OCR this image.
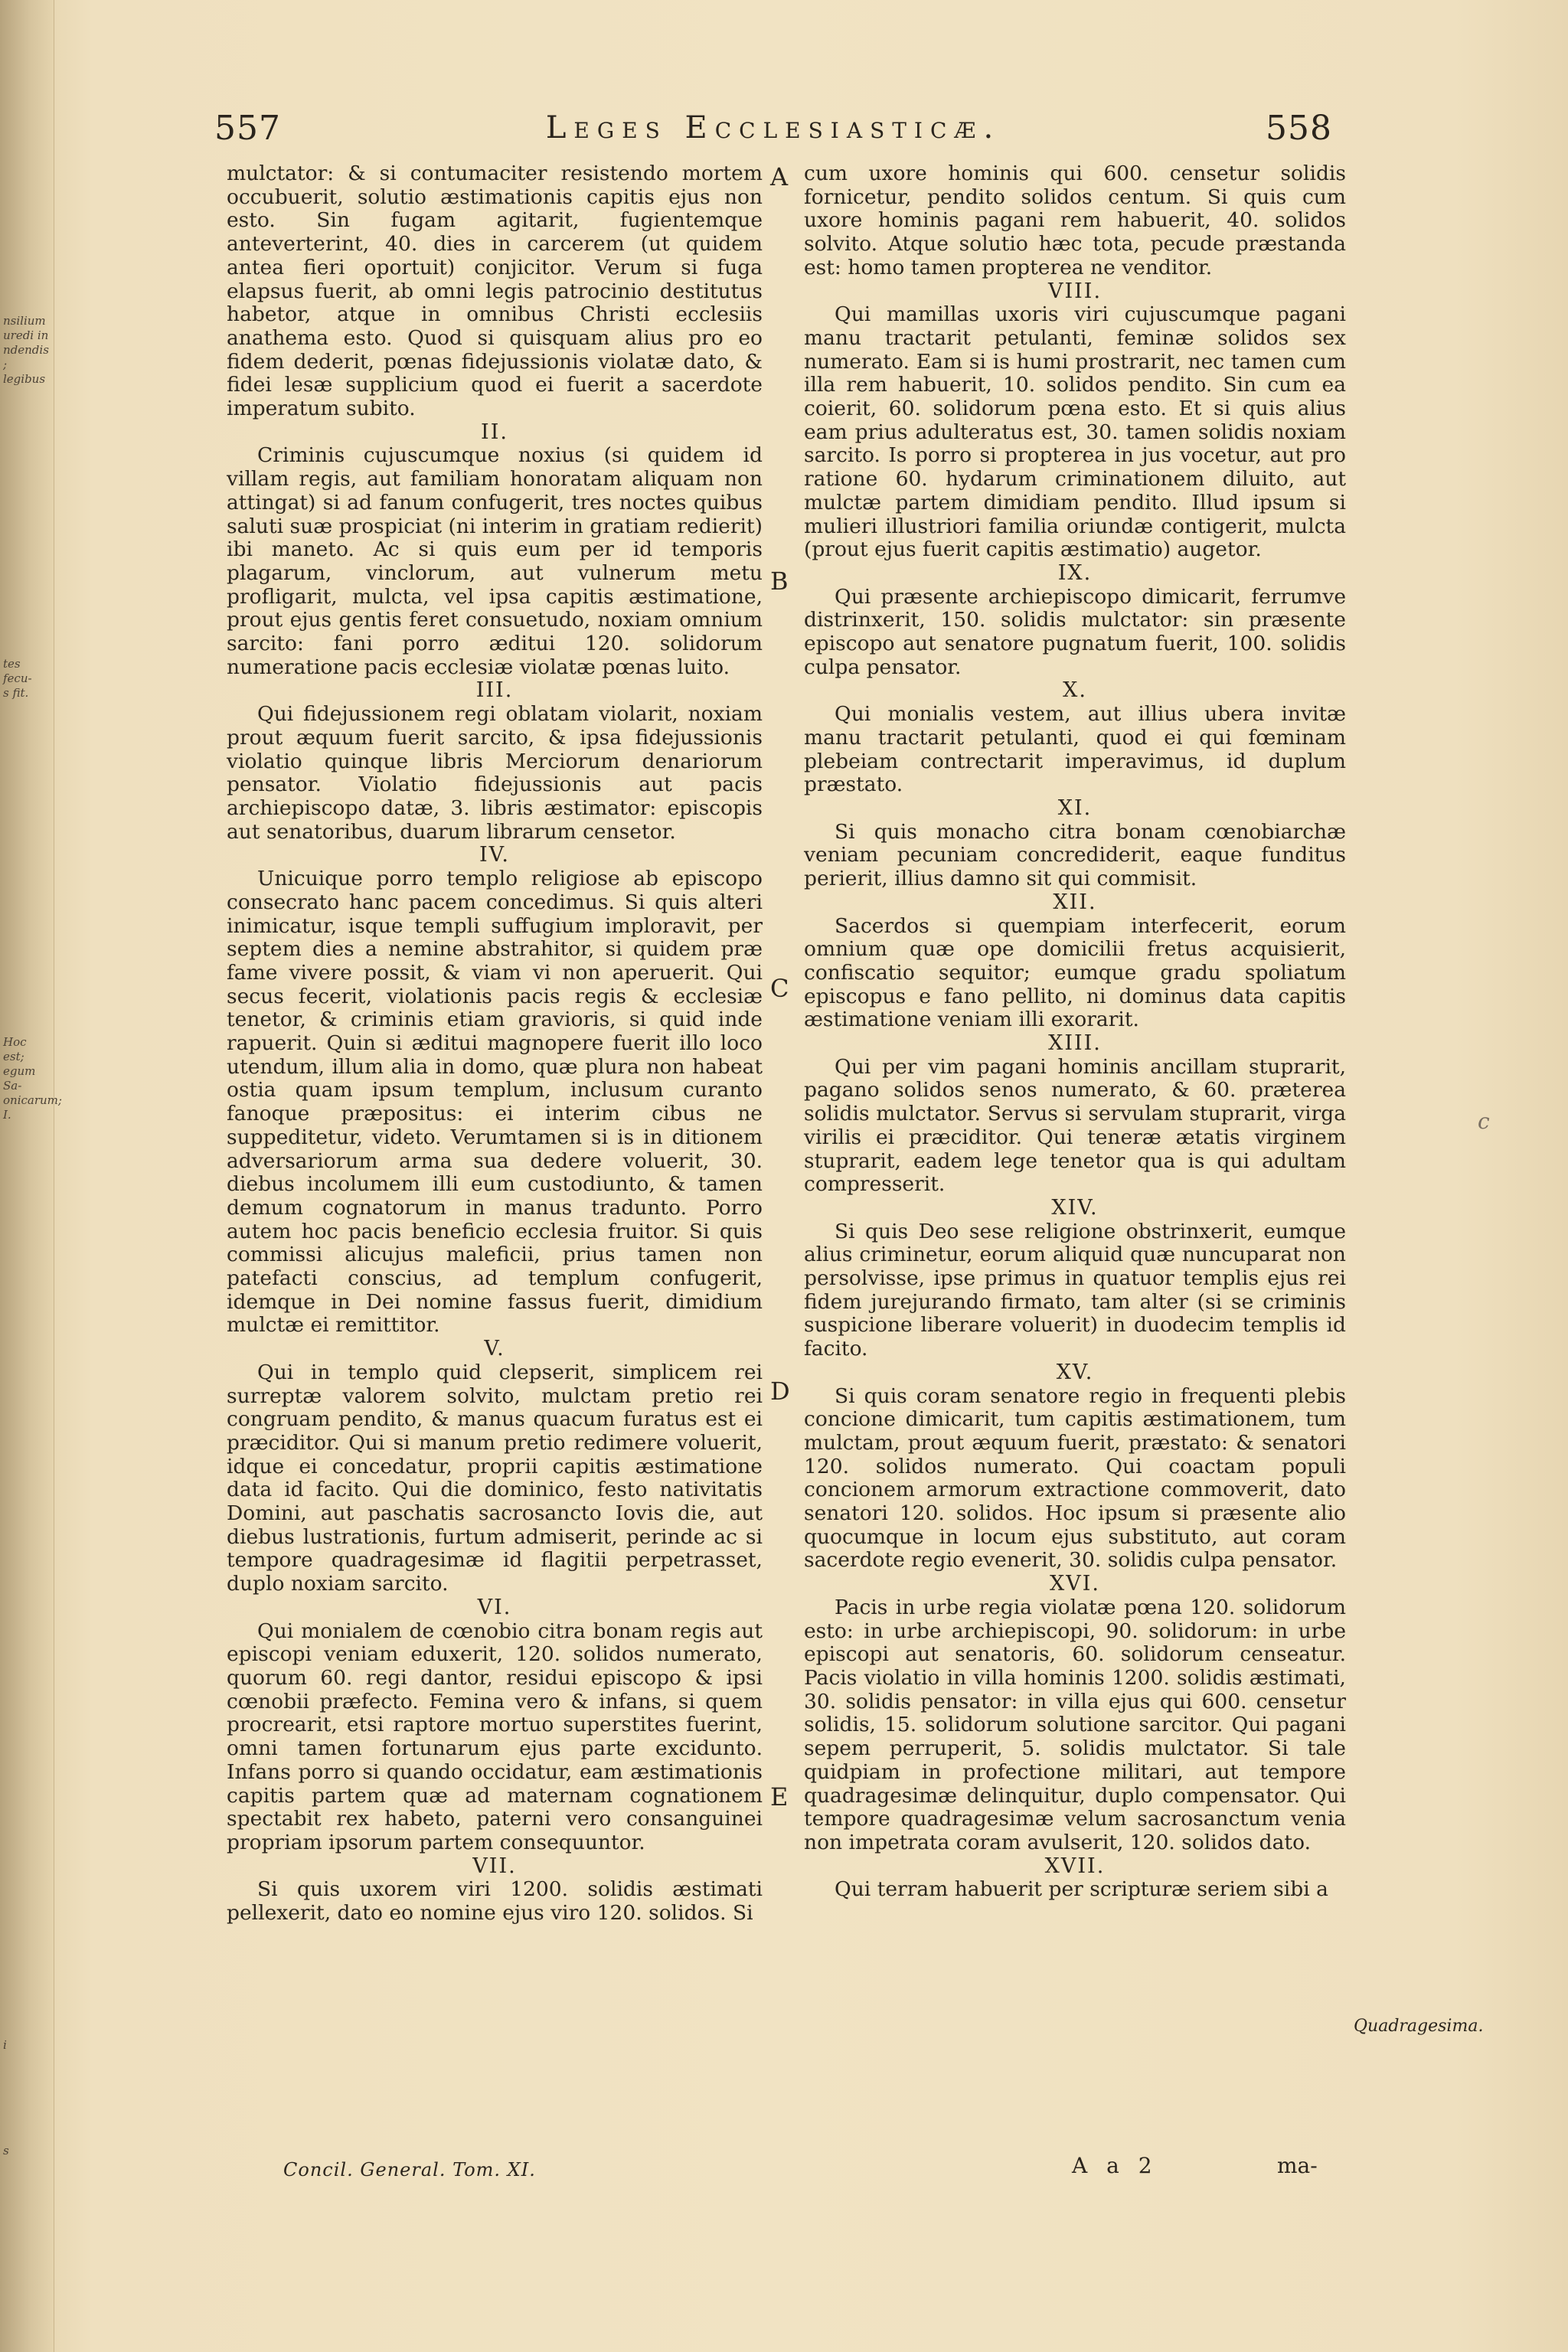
nsilium
uredi in
ndendis
; legibus
tes fecu-
s fit.
Hoc est;
egum Sa-
onicarum;
I.
i
s
557	Leges Ecclesiasticæ.	558
A
B
C
D
E

mulctator: & si contumaciter resistendo mortem occubuerit, solutio æstimationis capitis ejus non esto. Sin fugam agitarit, fugientemque anteverterint, 40. dies in carcerem (ut quidem antea fieri oportuit) conjicitor. Verum si fuga elapsus fuerit, ab omni legis patrocinio destitutus habetor, atque in omnibus Christi ecclesiis anathema esto. Quod si quisquam alius pro eo fidem dederit, pœnas fidejussionis violatæ dato, & fidei lesæ supplicium quod ei fuerit a sacerdote imperatum subito.

II.

Criminis cujuscumque noxius (si quidem id villam regis, aut familiam honoratam aliquam non attingat) si ad fanum confugerit, tres noctes quibus saluti suæ prospiciat (ni interim in gratiam redierit) ibi maneto. Ac si quis eum per id temporis plagarum, vinclorum, aut vulnerum metu profligarit, mulcta, vel ipsa capitis æstimatione, prout ejus gentis feret consuetudo, noxiam omnium sarcito: fani porro æditui 120. solidorum numeratione pacis ecclesiæ violatæ pœnas luito.

III.

Qui fidejussionem regi oblatam violarit, noxiam prout æquum fuerit sarcito, & ipsa fidejussionis violatio quinque libris Merciorum denariorum pensator. Violatio fidejussionis aut pacis archiepiscopo datæ, 3. libris æstimator: episcopis aut senatoribus, duarum librarum censetor.

IV.

Unicuique porro templo religiose ab episcopo consecrato hanc pacem concedimus. Si quis alteri inimicatur, isque templi suffugium imploravit, per septem dies a nemine abstrahitor, si quidem præ fame vivere possit, & viam vi non aperuerit. Qui secus fecerit, violationis pacis regis & ecclesiæ tenetor, & criminis etiam gravioris, si quid inde rapuerit. Quin si æditui magnopere fuerit illo loco utendum, illum alia in domo, quæ plura non habeat ostia quam ipsum templum, inclusum curanto fanoque præpositus: ei interim cibus ne suppeditetur, videto. Verumtamen si is in ditionem adversariorum arma sua dedere voluerit, 30. diebus incolumem illi eum custodiunto, & tamen demum cognatorum in manus tradunto. Porro autem hoc pacis beneficio ecclesia fruitor. Si quis commissi alicujus maleficii, prius tamen non patefacti conscius, ad templum confugerit, idemque in Dei nomine fassus fuerit, dimidium mulctæ ei remittitor.

V.

Qui in templo quid clepserit, simplicem rei surreptæ valorem solvito, mulctam pretio rei congruam pendito, & manus quacum furatus est ei præciditor. Qui si manum pretio redimere voluerit, idque ei concedatur, proprii capitis æstimatione data id facito. Qui die dominico, festo nativitatis Domini, aut paschatis sacrosancto Iovis die, aut diebus lustrationis, furtum admiserit, perinde ac si tempore quadragesimæ id flagitii perpetrasset, duplo noxiam sarcito.

VI.

Qui monialem de cœnobio citra bonam regis aut episcopi veniam eduxerit, 120. solidos numerato, quorum 60. regi dantor, residui episcopo & ipsi cœnobii præfecto. Femina vero & infans, si quem procrearit, etsi raptore mortuo superstites fuerint, omni tamen fortunarum ejus parte exciduntо. Infans porro si quando occidatur, eam æstimationis capitis partem quæ ad maternam cognationem spectabit rex habeto, paterni vero consanguinei propriam ipsorum partem consequuntor.

VII.

Si quis uxorem viri 1200. solidis æstimati pellexerit, dato eo nomine ejus viro 120. solidos. Si

cum uxore hominis qui 600. censetur solidis fornicetur, pendito solidos centum. Si quis cum uxore hominis pagani rem habuerit, 40. solidos solvito. Atque solutio hæc tota, pecude præstanda est: homo tamen propterea ne venditor.

VIII.

Qui mamillas uxoris viri cujuscumque pagani manu tractarit petulanti, feminæ solidos sex numerato. Eam si is humi prostrarit, nec tamen cum illa rem habuerit, 10. solidos pendito. Sin cum ea coierit, 60. solidorum pœna esto. Et si quis alius eam prius adulteratus est, 30. tamen solidis noxiam sarcito. Is porro si propterea in jus vocetur, aut pro ratione 60. hydarum criminationem diluito, aut mulctæ partem dimidiam pendito. Illud ipsum si mulieri illustriori familia oriundæ contigerit, mulcta (prout ejus fuerit capitis æstimatio) augetor.

IX.

Qui præsente archiepiscopo dimicarit, ferrumve distrinxerit, 150. solidis mulctator: sin præsente episcopo aut senatore pugnatum fuerit, 100. solidis culpa pensator.

X.

Qui monialis vestem, aut illius ubera invitæ manu tractarit petulanti, quod ei qui fœminam plebeiam contrectarit imperavimus, id duplum præstato.

XI.

Si quis monacho citra bonam cœnobiarchæ veniam pecuniam concrediderit, eaque funditus perierit, illius damno sit qui commisit.

XII.

Sacerdos si quempiam interfecerit, eorum omnium quæ ope domicilii fretus acquisierit, confiscatio sequitor; eumque gradu spoliatum episcopus e fano pellito, ni dominus data capitis æstimatione veniam illi exorarit.

XIII.

Qui per vim pagani hominis ancillam stuprarit, pagano solidos senos numerato, & 60. præterea solidis mulctator. Servus si servulam stuprarit, virga virilis ei præciditor. Qui teneræ ætatis virginem stuprarit, eadem lege tenetor qua is qui adultam compresserit.

XIV.

Si quis Deo sese religione obstrinxerit, eumque alius criminetur, eorum aliquid quæ nuncuparat non persolvisse, ipse primus in quatuor templis ejus rei fidem jurejurando firmato, tam alter (si se criminis suspicione liberare voluerit) in duodecim templis id facito.

XV.

Si quis coram senatore regio in frequenti plebis concione dimicarit, tum capitis æstimationem, tum mulctam, prout æquum fuerit, præstato: & senatori 120. solidos numerato. Qui coactam populi concionem armorum extractione commoverit, dato senatori 120. solidos. Hoc ipsum si præsente alio quocumque in locum ejus substituto, aut coram sacerdote regio evenerit, 30. solidis culpa pensator.

XVI.

Pacis in urbe regia violatæ pœna 120. solidorum esto: in urbe archiepiscopi, 90. solidorum: in urbe episcopi aut senatoris, 60. solidorum censeatur. Pacis violatio in villa hominis 1200. solidis æstimati, 30. solidis pensator: in villa ejus qui 600. censetur solidis, 15. solidorum solutione sarcitor. Qui pagani sepem perruperit, 5. solidis mulctator. Si tale quidpiam in profectione militari, aut tempore quadragesimæ delinquitur, duplo compensator. Qui tempore quadragesimæ velum sacrosanctum venia non impetrata coram avulserit, 120. solidos dato.

XVII.

Qui terram habuerit per scripturæ seriem sibi a

Quadragesima.
c
Concil. General. Tom. XI.	A a 2	ma-
